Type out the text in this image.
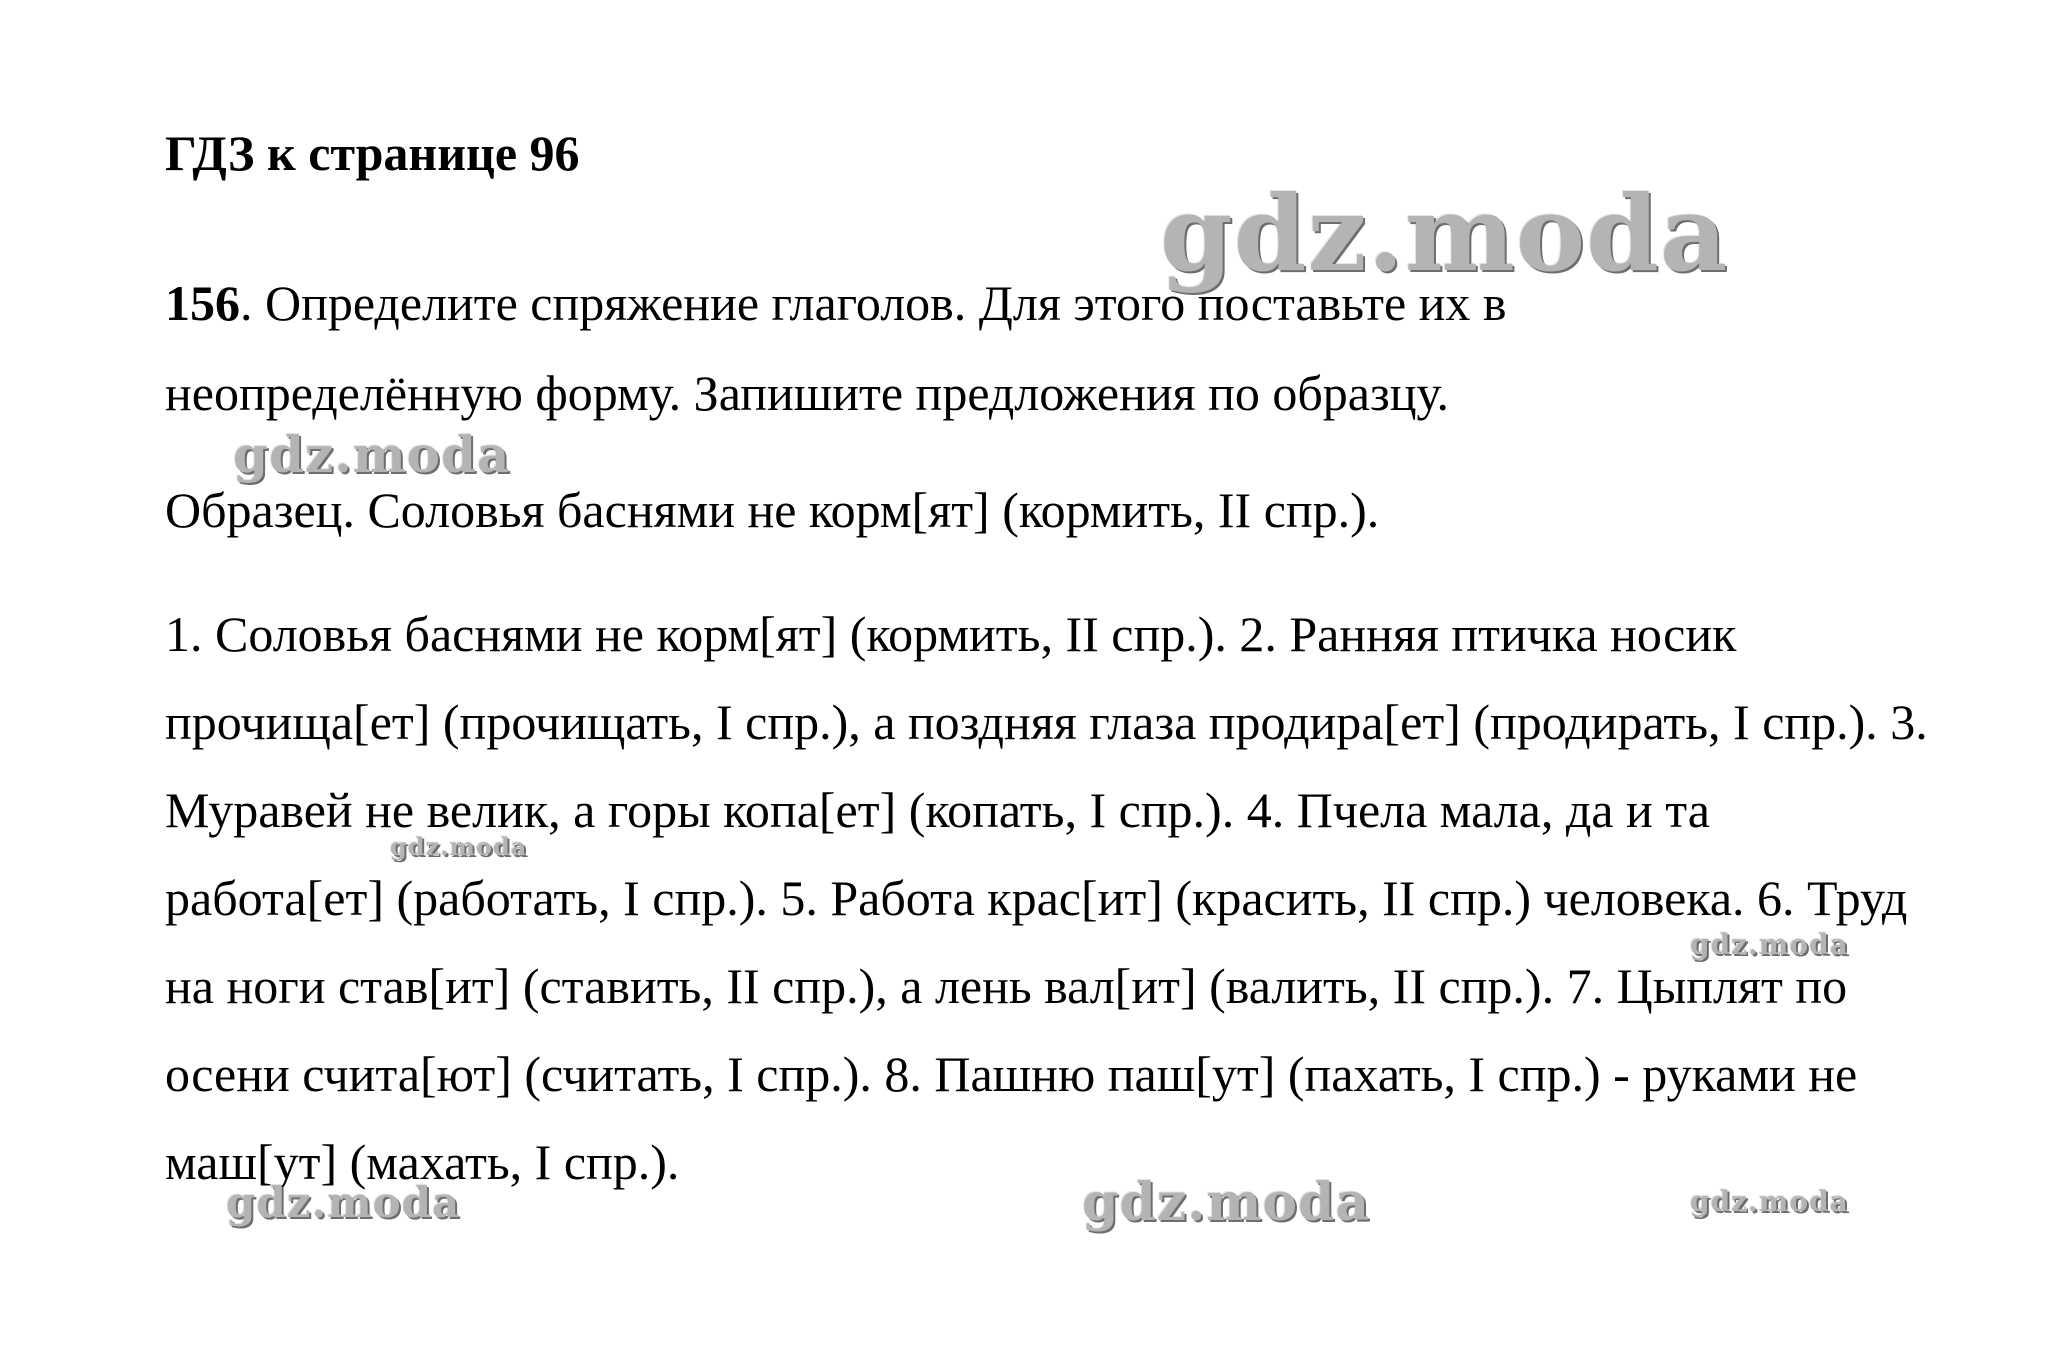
ГДЗ к странице 96
156. Определите спряжение глаголов. Для этого поставьте их в неопределённую форму. Запишите предложения по образцу.
Образец. Соловья баснями не корм[ят] (кормить, II спр.).
1. Соловья баснями не корм[ят] (кормить, II спр.). 2. Ранняя птичка носик прочища[ет] (прочищать, I спр.), а поздняя глаза продира[ет] (продирать, I спр.). 3. Муравей не велик, а горы копа[ет] (копать, I спр.). 4. Пчела мала, да и та работа[ет] (работать, I спр.). 5. Работа крас[ит] (красить, II спр.) человека. 6. Труд на ноги став[ит] (ставить, II спр.), а лень вал[ит] (валить, II спр.). 7. Цыплят по осени счита[ют] (считать, I спр.). 8. Пашню паш[ут] (пахать, I спр.) - руками не маш[ут] (махать, I спр.).
gdz.moda
gdz.moda
gdz.moda
gdz.moda
gdz.moda	gdz.moda	gdz.moda
